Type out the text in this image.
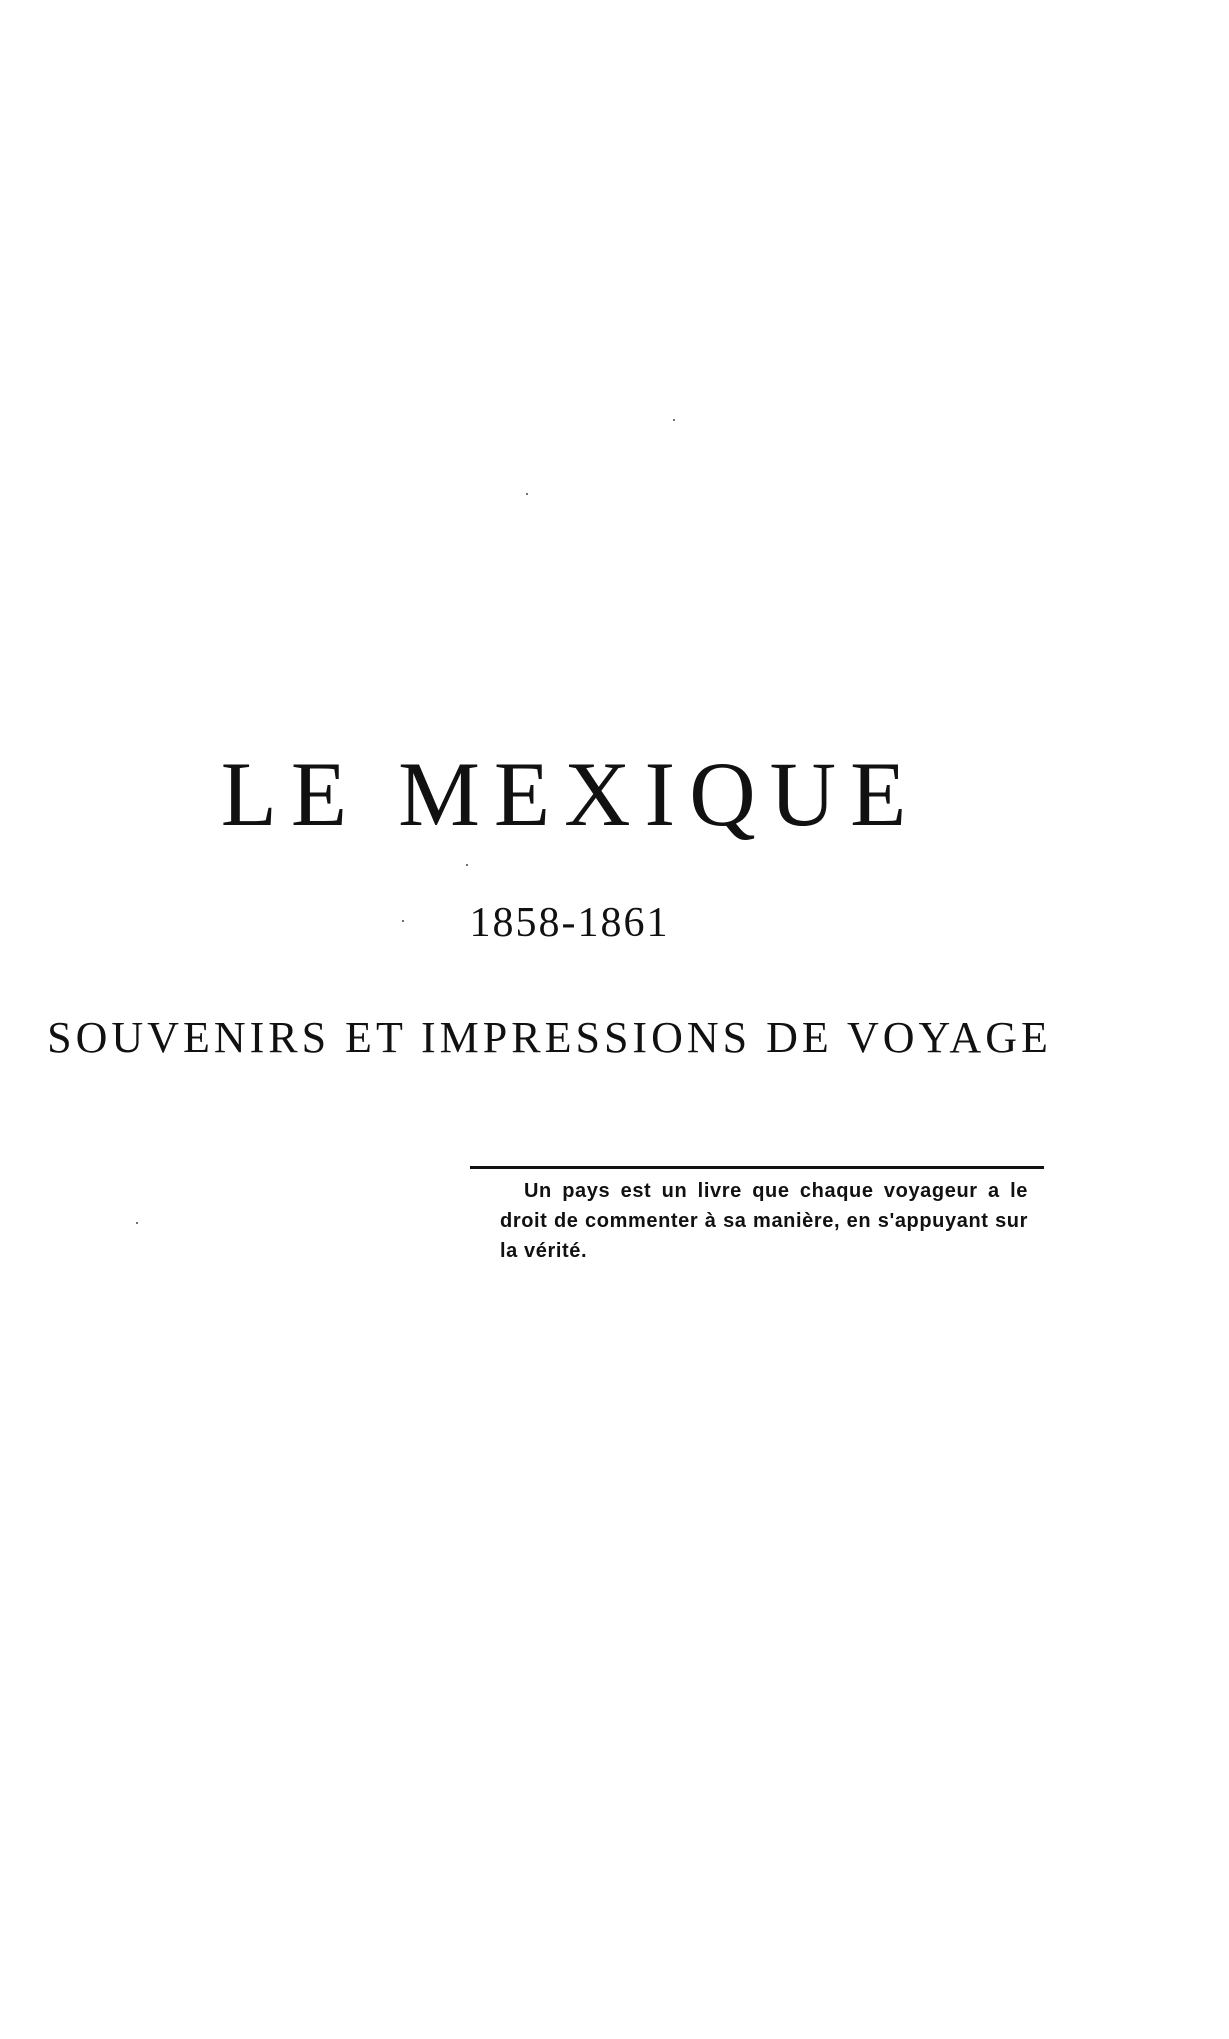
LE MEXIQUE
1858-1861
SOUVENIRS ET IMPRESSIONS DE VOYAGE
Un pays est un livre que chaque voyageur a le droit de commenter à sa manière, en s'appuyant sur la vérité.
